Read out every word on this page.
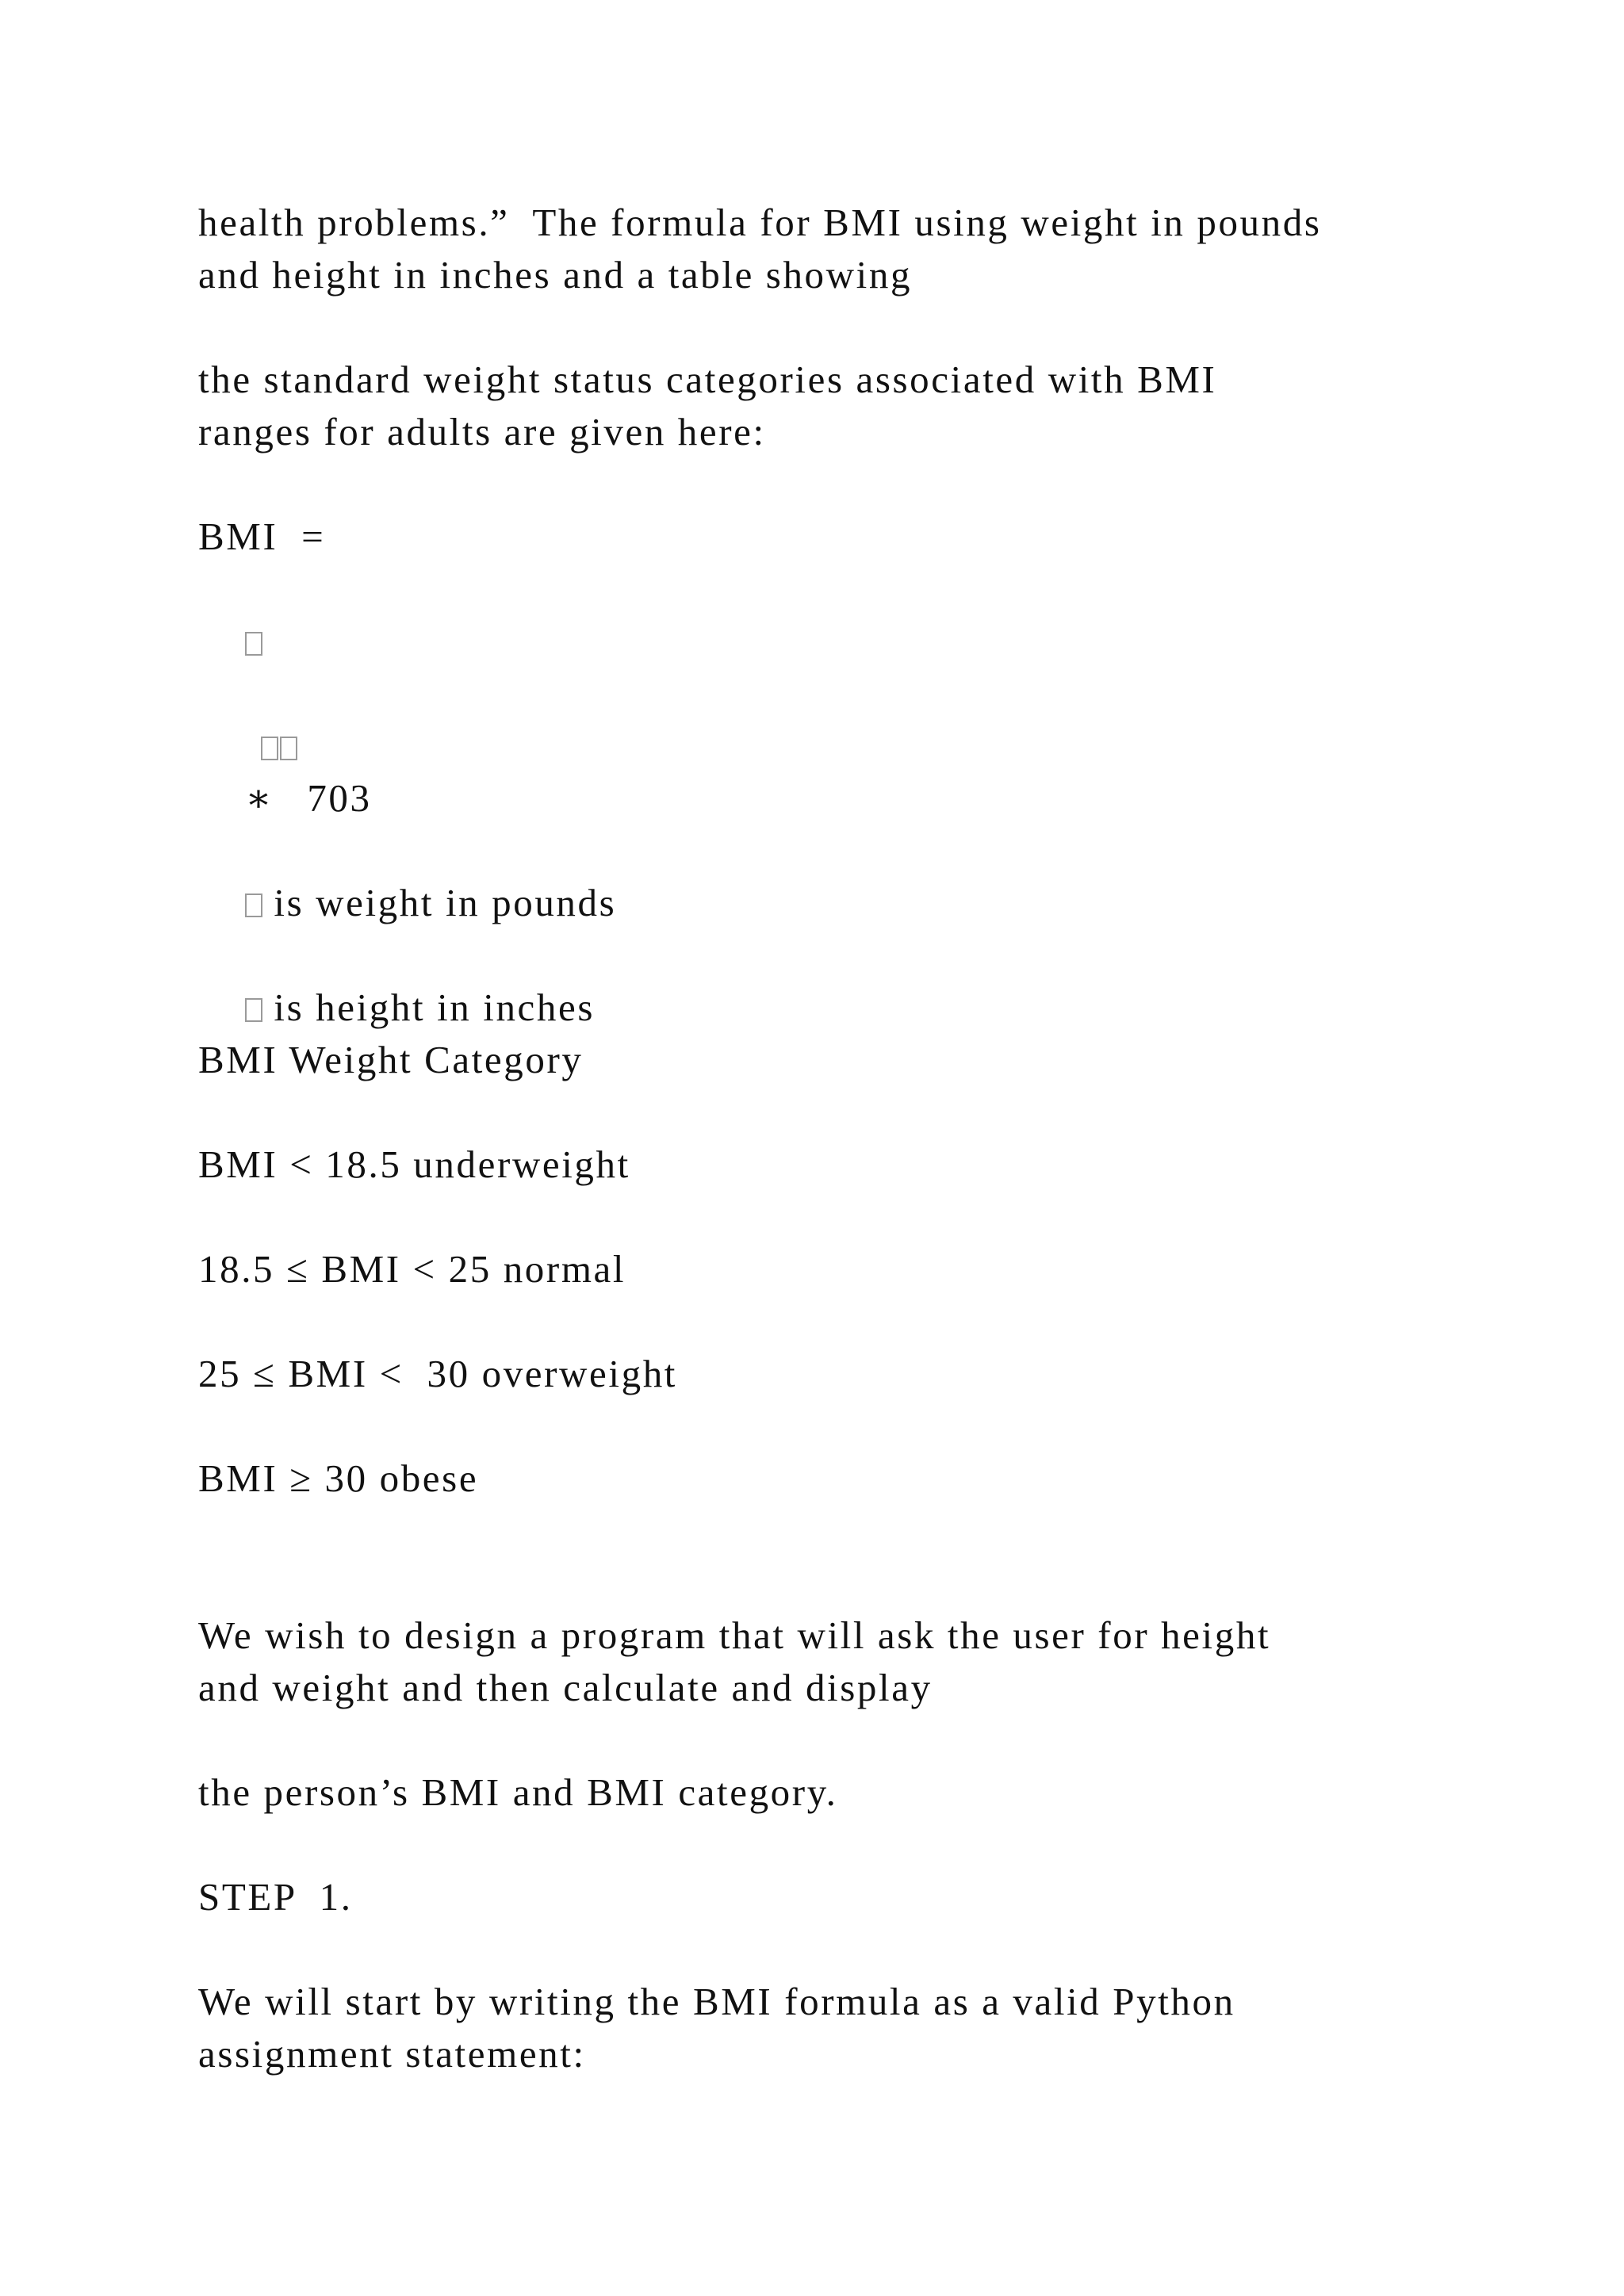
health problems.”  The formula for BMI using weight in pounds

and height in inches and a table showing

the standard weight status categories associated with BMI

ranges for adults are given here:

BMI  =

∗ 703

is weight in pounds

is height in inches

BMI Weight Category

BMI < 18.5 underweight

18.5 ≤ BMI < 25 normal

25 ≤ BMI <  30 overweight

BMI ≥ 30 obese

We wish to design a program that will ask the user for height

and weight and then calculate and display

the person’s BMI and BMI category.

STEP  1.

We will start by writing the BMI formula as a valid Python

assignment statement:
